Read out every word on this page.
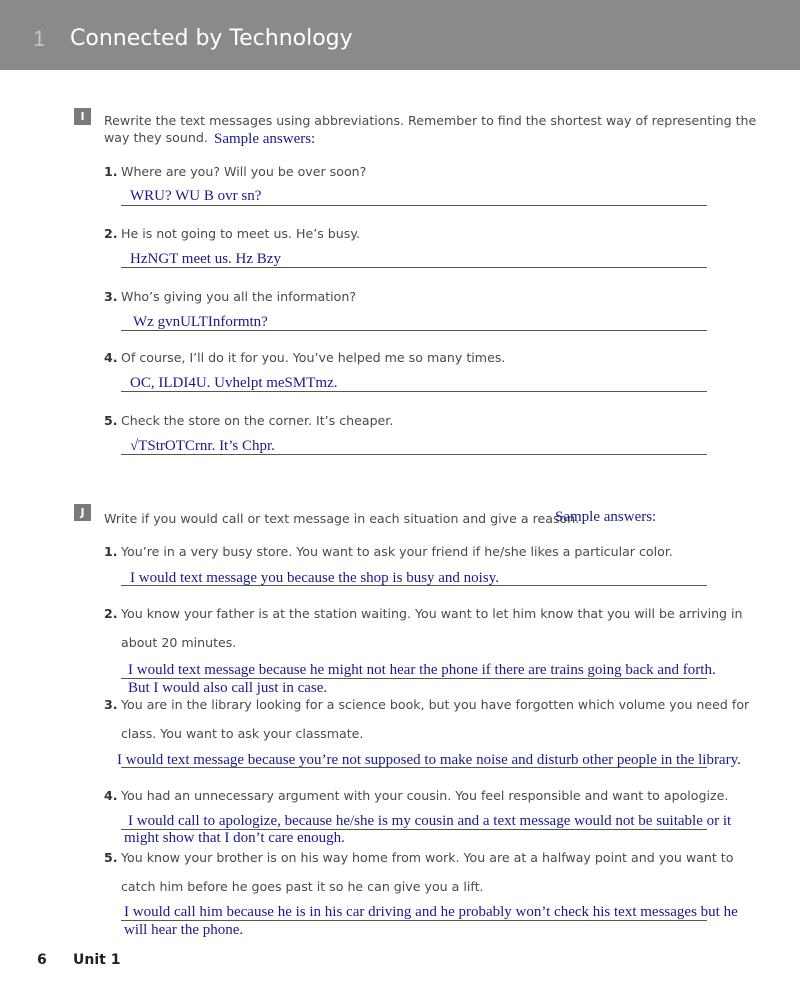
1 Connected by Technology
I	Rewrite the text messages using abbreviations. Remember to find the shortest way of representing the
way they sound. Sample answers:
1. Where are you? Will you be over soon?
WRU? WU B ovr sn?
2. He is not going to meet us. He’s busy.
HzNGT meet us. Hz Bzy
3. Who’s giving you all the information?
Wz gvnULTInformtn?
4. Of course, I’ll do it for you. You’ve helped me so many times.
OC, ILDI4U. Uvhelpt meSMTmz.
5. Check the store on the corner. It’s cheaper.
√TStrOTCrnr. It’s Chpr.
J	Write if you would call or text message in each situation and give a reason.
Sample answers:
1. You’re in a very busy store. You want to ask your friend if he/she likes a particular color.
I would text message you because the shop is busy and noisy.
2. You know your father is at the station waiting. You want to let him know that you will be arriving in
about 20 minutes.
I would text message because he might not hear the phone if there are trains going back and forth.
But I would also call just in case.
3. You are in the library looking for a science book, but you have forgotten which volume you need for
class. You want to ask your classmate.
I would text message because you’re not supposed to make noise and disturb other people in the library.
4. You had an unnecessary argument with your cousin. You feel responsible and want to apologize.
I would call to apologize, because he/she is my cousin and a text message would not be suitable or it
might show that I don’t care enough.
5. You know your brother is on his way home from work. You are at a halfway point and you want to
catch him before he goes past it so he can give you a lift.
I would call him because he is in his car driving and he probably won’t check his text messages but he
will hear the phone.
6 Unit 1
